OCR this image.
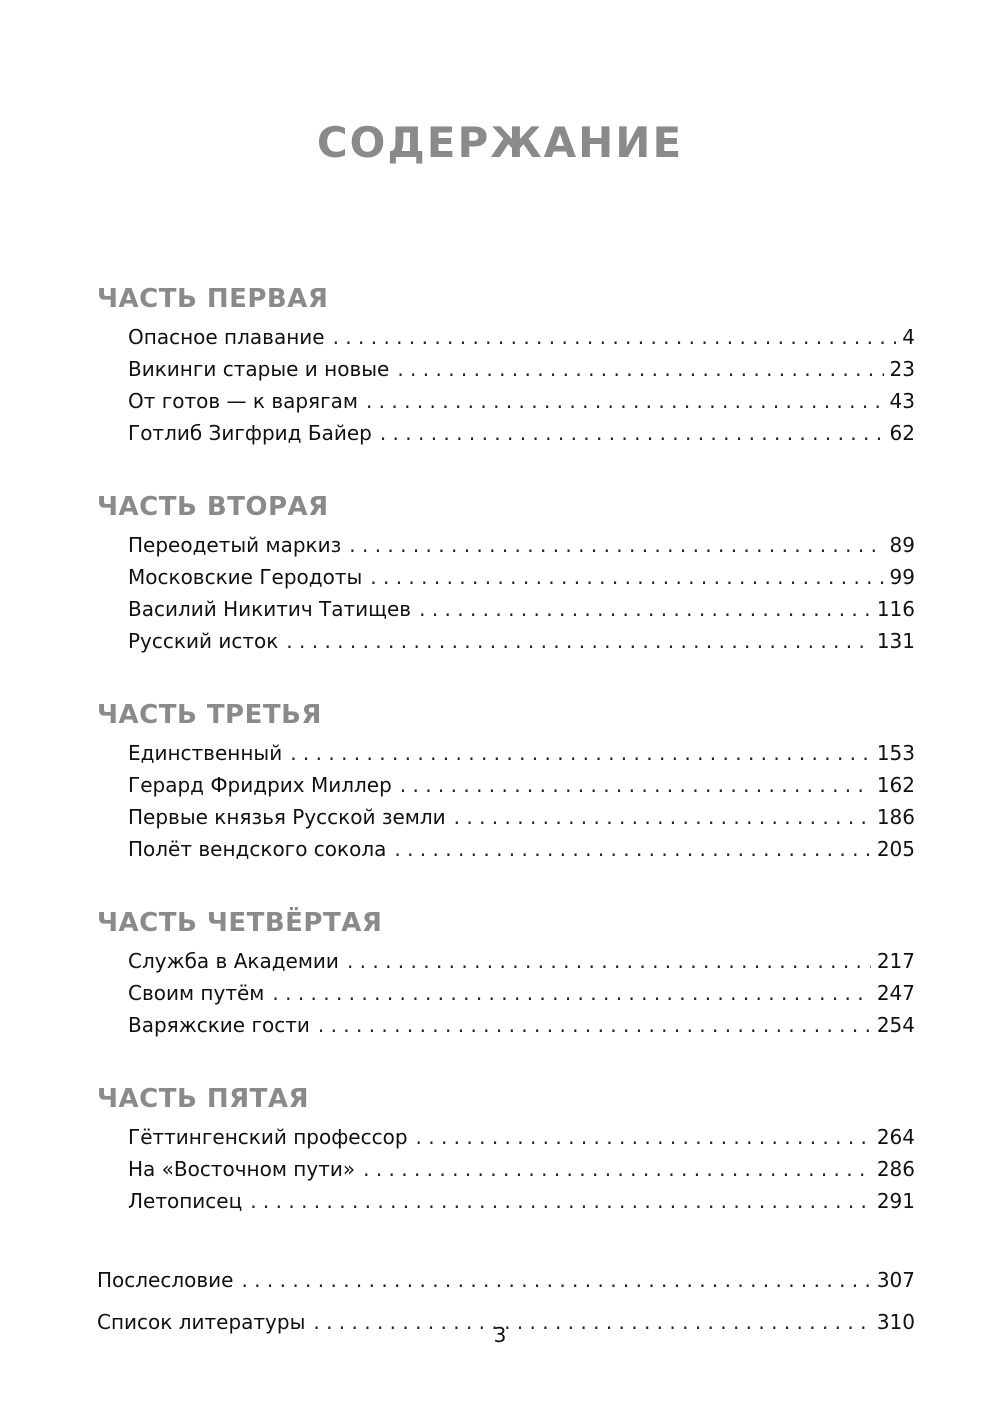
СОДЕРЖАНИЕ
ЧАСТЬ ПЕРВАЯ
Опасное плавание . . .	4
Викинги старые и новые . . .	23
От готов — к варягам . . .	43
Готлиб Зигфрид Байер . . .	62
ЧАСТЬ ВТОРАЯ
Переодетый маркиз . . .	89
Московские Геродоты . . .	99
Василий Никитич Татищев . . .	116
Русский исток . . .	131
ЧАСТЬ ТРЕТЬЯ
Единственный . . .	153
Герард Фридрих Миллер . . .	162
Первые князья Русской земли . . .	186
Полёт вендского сокола . . .	205
ЧАСТЬ ЧЕТВЁРТАЯ
Служба в Академии . . .	217
Своим путём . . .	247
Варяжские гости . . .	254
ЧАСТЬ ПЯТАЯ
Гёттингенский профессор . . .	264
На «Восточном пути» . . .	286
Летописец . . .	291
Послесловие . . .	307
Список литературы . . .	310
3
